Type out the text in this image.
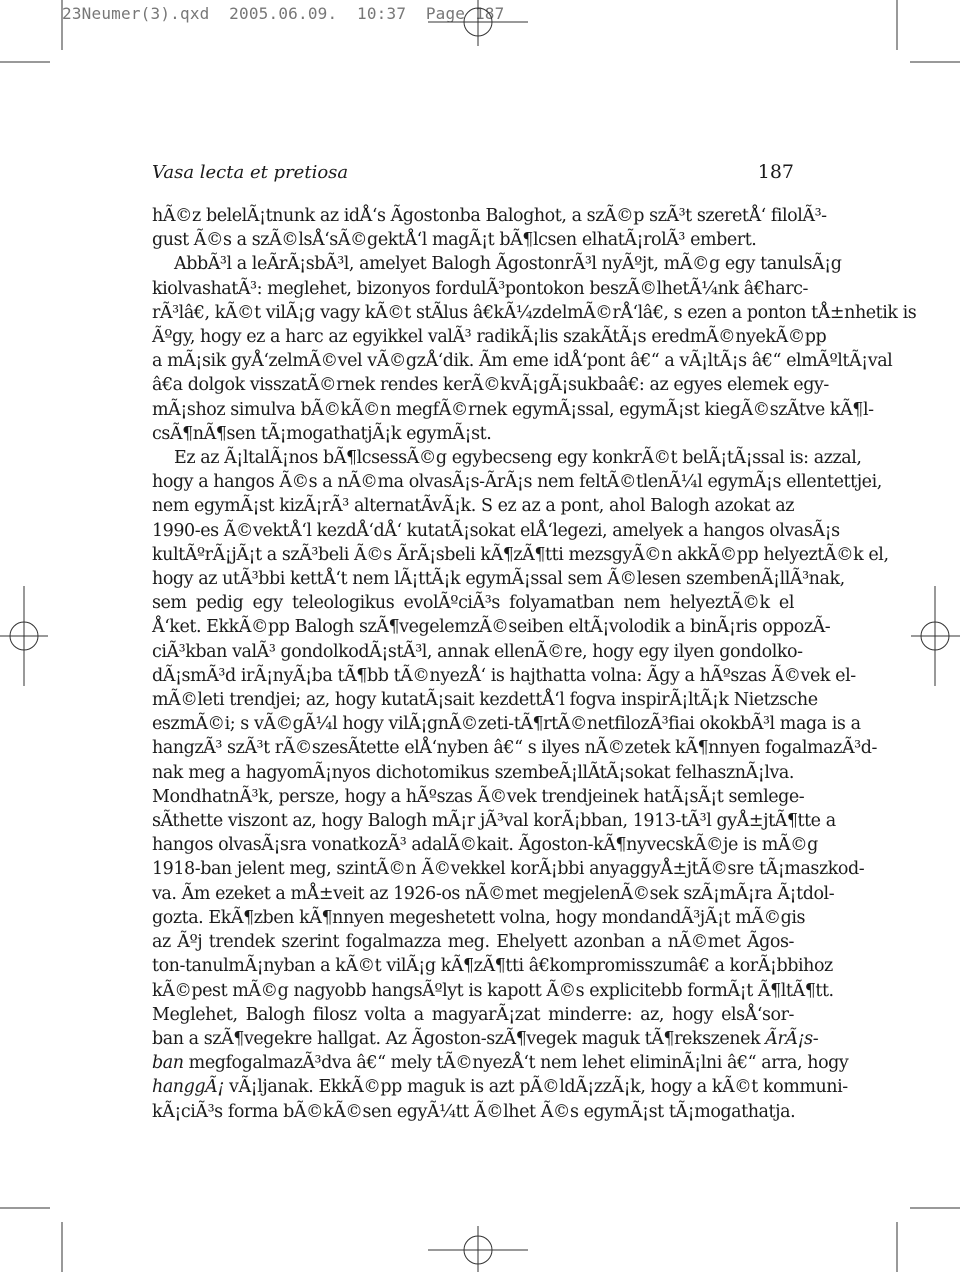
23Neumer(3).qxd  2005.06.09.  10:37  Page 187
Vasa lecta et pretiosa	187
hÃ©z belelÃ¡tnunk az idÅ‘s Ãgostonba Baloghot, a szÃ©p szÃ³t szeretÅ‘ filolÃ³-
gust Ã©s a szÃ©lsÅ‘sÃ©gektÅ‘l magÃ¡t bÃ¶lcsen elhatÃ¡rolÃ³ embert.
AbbÃ³l a leÃrÃ¡sbÃ³l, amelyet Balogh ÃgostonrÃ³l nyÃºjt, mÃ©g egy tanulsÃ¡g
kiolvashatÃ³: meglehet, bizonyos fordulÃ³pontokon beszÃ©lhetÃ¼nk â€harc-
rÃ³lâ€, kÃ©t vilÃ¡g vagy kÃ©t stÃlus â€kÃ¼zdelmÃ©rÅ‘lâ€, s ezen a ponton tÅ±nhetik is
Ãºgy, hogy ez a harc az egyikkel valÃ³ radikÃ¡lis szakÃtÃ¡s eredmÃ©nyekÃ©pp
a mÃ¡sik gyÅ‘zelmÃ©vel vÃ©gzÅ‘dik. Ãm eme idÅ‘pont â€“ a vÃ¡ltÃ¡s â€“ elmÃºltÃ¡val
â€a dolgok visszatÃ©rnek rendes kerÃ©kvÃ¡gÃ¡sukbaâ€: az egyes elemek egy-
mÃ¡shoz simulva bÃ©kÃ©n megfÃ©rnek egymÃ¡ssal, egymÃ¡st kiegÃ©szÃtve kÃ¶l-
csÃ¶nÃ¶sen tÃ¡mogathatjÃ¡k egymÃ¡st.
Ez az Ã¡ltalÃ¡nos bÃ¶lcsessÃ©g egybecseng egy konkrÃ©t belÃ¡tÃ¡ssal is: azzal,
hogy a hangos Ã©s a nÃ©ma olvasÃ¡s-ÃrÃ¡s nem feltÃ©tlenÃ¼l egymÃ¡s ellentettjei,
nem egymÃ¡st kizÃ¡rÃ³ alternatÃvÃ¡k. S ez az a pont, ahol Balogh azokat az
1990-es Ã©vektÅ‘l kezdÅ‘dÅ‘ kutatÃ¡sokat elÅ‘legezi, amelyek a hangos olvasÃ¡s
kultÃºrÃ¡jÃ¡t a szÃ³beli Ã©s ÃrÃ¡sbeli kÃ¶zÃ¶tti mezsgyÃ©n akkÃ©pp helyeztÃ©k el,
hogy az utÃ³bbi kettÅ‘t nem lÃ¡ttÃ¡k egymÃ¡ssal sem Ã©lesen szembenÃ¡llÃ³nak,
sem pedig egy teleologikus evolÃºciÃ³s folyamatban nem helyeztÃ©k el
Å‘ket. EkkÃ©pp Balogh szÃ¶vegelemzÃ©seiben eltÃ¡volodik a binÃ¡ris oppozÃ-
ciÃ³kban valÃ³ gondolkodÃ¡stÃ³l, annak ellenÃ©re, hogy egy ilyen gondolko-
dÃ¡smÃ³d irÃ¡nyÃ¡ba tÃ¶bb tÃ©nyezÅ‘ is hajthatta volna: Ãgy a hÃºszas Ã©vek el-
mÃ©leti trendjei; az, hogy kutatÃ¡sait kezdettÅ‘l fogva inspirÃ¡ltÃ¡k Nietzsche
eszmÃ©i; s vÃ©gÃ¼l hogy vilÃ¡gnÃ©zeti-tÃ¶rtÃ©netfilozÃ³fiai okokbÃ³l maga is a
hangzÃ³ szÃ³t rÃ©szesÃtette elÅ‘nyben â€“ s ilyes nÃ©zetek kÃ¶nnyen fogalmazÃ³d-
nak meg a hagyomÃ¡nyos dichotomikus szembeÃ¡llÃtÃ¡sokat felhasznÃ¡lva.
MondhatnÃ³k, persze, hogy a hÃºszas Ã©vek trendjeinek hatÃ¡sÃ¡t semlege-
sÃthette viszont az, hogy Balogh mÃ¡r jÃ³val korÃ¡bban, 1913-tÃ³l gyÅ±jtÃ¶tte a
hangos olvasÃ¡sra vonatkozÃ³ adalÃ©kait. Ãgoston-kÃ¶nyvecskÃ©je is mÃ©g
1918-ban jelent meg, szintÃ©n Ã©vekkel korÃ¡bbi anyaggyÅ±jtÃ©sre tÃ¡maszkod-
va. Ãm ezeket a mÅ±veit az 1926-os nÃ©met megjelenÃ©sek szÃ¡mÃ¡ra Ã¡tdol-
gozta. EkÃ¶zben kÃ¶nnyen megeshetett volna, hogy mondandÃ³jÃ¡t mÃ©gis
az Ãºj trendek szerint fogalmazza meg. Ehelyett azonban a nÃ©met Ãgos-
ton-tanulmÃ¡nyban a kÃ©t vilÃ¡g kÃ¶zÃ¶tti â€kompromisszumâ€ a korÃ¡bbihoz
kÃ©pest mÃ©g nagyobb hangsÃºlyt is kapott Ã©s explicitebb formÃ¡t Ã¶ltÃ¶tt.
Meglehet, Balogh filosz volta a magyarÃ¡zat minderre: az, hogy elsÅ‘sor-
ban a szÃ¶vegekre hallgat. Az Ãgoston-szÃ¶vegek maguk tÃ¶rekszenek ÃrÃ¡s-
ban megfogalmazÃ³dva â€“ mely tÃ©nyezÅ‘t nem lehet eliminÃ¡lni â€“ arra, hogy
hanggÃ¡ vÃ¡ljanak. EkkÃ©pp maguk is azt pÃ©ldÃ¡zzÃ¡k, hogy a kÃ©t kommuni-
kÃ¡ciÃ³s forma bÃ©kÃ©sen egyÃ¼tt Ã©lhet Ã©s egymÃ¡st tÃ¡mogathatja.
